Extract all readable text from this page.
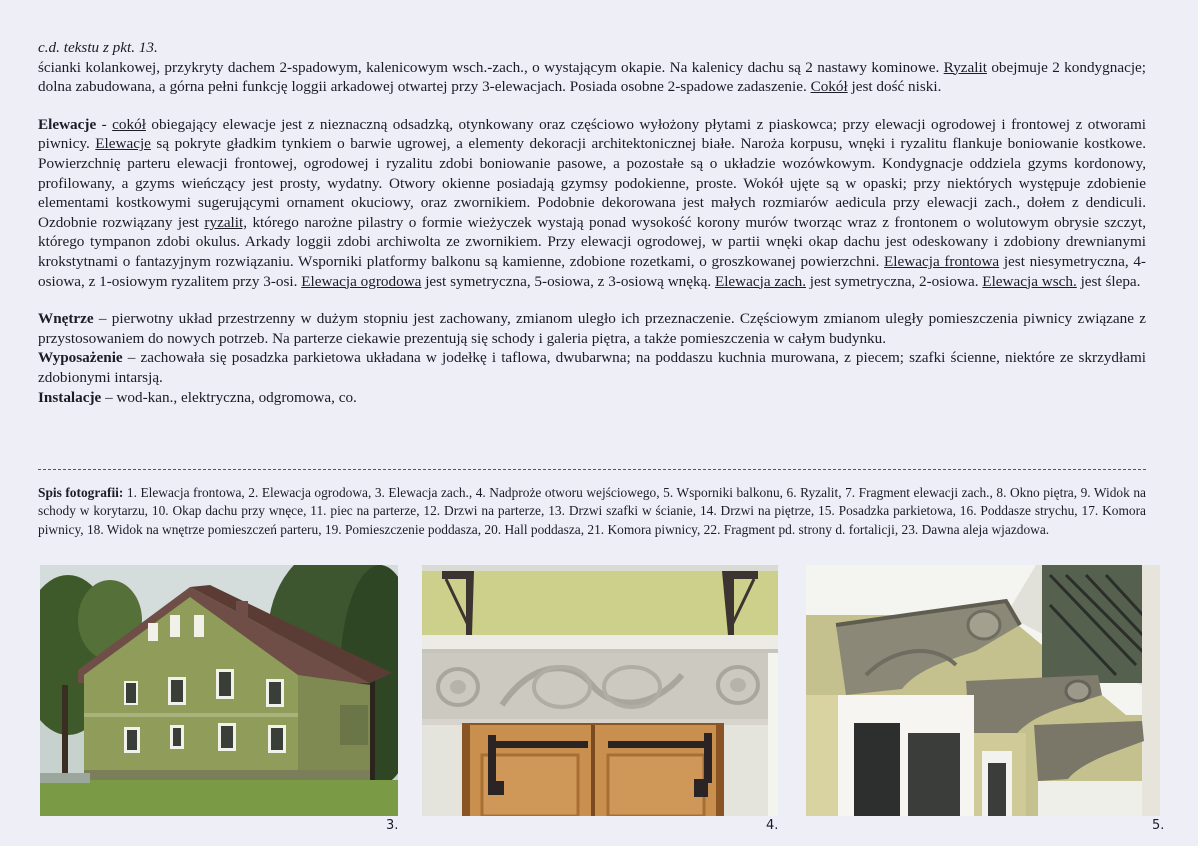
c.d. tekstu z pkt. 13.

ścianki kolankowej, przykryty dachem 2-spadowym, kalenicowym wsch.-zach., o wystającym okapie. Na kalenicy dachu są 2 nastawy kominowe. Ryzalit obejmuje 2 kondygnacje; dolna zabudowana, a górna pełni funkcję loggii arkadowej otwartej przy 3-elewacjach. Posiada osobne 2-spadowe zadaszenie. Cokół jest dość niski.

Elewacje - cokół obiegający elewacje jest z nieznaczną odsadzką, otynkowany oraz częściowo wyłożony płytami z piaskowca; przy elewacji ogrodowej i frontowej z otworami piwnicy. Elewacje są pokryte gładkim tynkiem o barwie ugrowej, a elementy dekoracji architektonicznej białe. Naroża korpusu, wnęki i ryzalitu flankuje boniowanie kostkowe. Powierzchnię parteru elewacji frontowej, ogrodowej i ryzalitu zdobi boniowanie pasowe, a pozostałe są o układzie wozówkowym. Kondygnacje oddziela gzyms kordonowy, profilowany, a gzyms wieńczący jest prosty, wydatny. Otwory okienne posiadają gzymsy podokienne, proste. Wokół ujęte są w opaski; przy niektórych występuje zdobienie elementami kostkowymi sugerującymi ornament okuciowy, oraz zwornikiem. Podobnie dekorowana jest małych rozmiarów aedicula przy elewacji zach., dołem z dendiculi. Ozdobnie rozwiązany jest ryzalit, którego narożne pilastry o formie wieżyczek wystają ponad wysokość korony murów tworząc wraz z frontonem o wolutowym obrysie szczyt, którego tympanon zdobi okulus. Arkady loggii zdobi archiwolta ze zwornikiem. Przy elewacji ogrodowej, w partii wnęki okap dachu jest odeskowany i zdobiony drewnianymi krokstytnami o fantazyjnym rozwiązaniu. Wsporniki platformy balkonu są kamienne, zdobione rozetkami, o groszkowanej powierzchni. Elewacja frontowa jest niesymetryczna, 4-osiowa, z 1-osiowym ryzalitem przy 3-osi. Elewacja ogrodowa jest symetryczna, 5-osiowa, z 3-osiową wnęką. Elewacja zach. jest symetryczna, 2-osiowa. Elewacja wsch. jest ślepa.

Wnętrze – pierwotny układ przestrzenny w dużym stopniu jest zachowany, zmianom uległo ich przeznaczenie. Częściowym zmianom uległy pomieszczenia piwnicy związane z przystosowaniem do nowych potrzeb. Na parterze ciekawie prezentują się schody i galeria piętra, a także pomieszczenia w całym budynku.

Wyposażenie – zachowała się posadzka parkietowa układana w jodełkę i taflowa, dwubarwna; na poddaszu kuchnia murowana, z piecem; szafki ścienne, niektóre ze skrzydłami zdobionymi intarsją.

Instalacje – wod-kan., elektryczna, odgromowa, co.

Spis fotografii: 1. Elewacja frontowa, 2. Elewacja ogrodowa, 3. Elewacja zach., 4. Nadproże otworu wejściowego, 5. Wsporniki balkonu, 6. Ryzalit, 7. Fragment elewacji zach., 8. Okno piętra, 9. Widok na schody w korytarzu, 10. Okap dachu przy wnęce, 11. piec na parterze, 12. Drzwi na parterze, 13. Drzwi szafki w ścianie, 14. Drzwi na piętrze, 15. Posadzka parkietowa, 16. Poddasze strychu, 17. Komora piwnicy, 18. Widok na wnętrze pomieszczeń parteru, 19. Pomieszczenie poddasza, 20. Hall poddasza, 21. Komora piwnicy, 22. Fragment pd. strony d. fortalicji, 23. Dawna aleja wjazdowa.

3.	4.	5.
